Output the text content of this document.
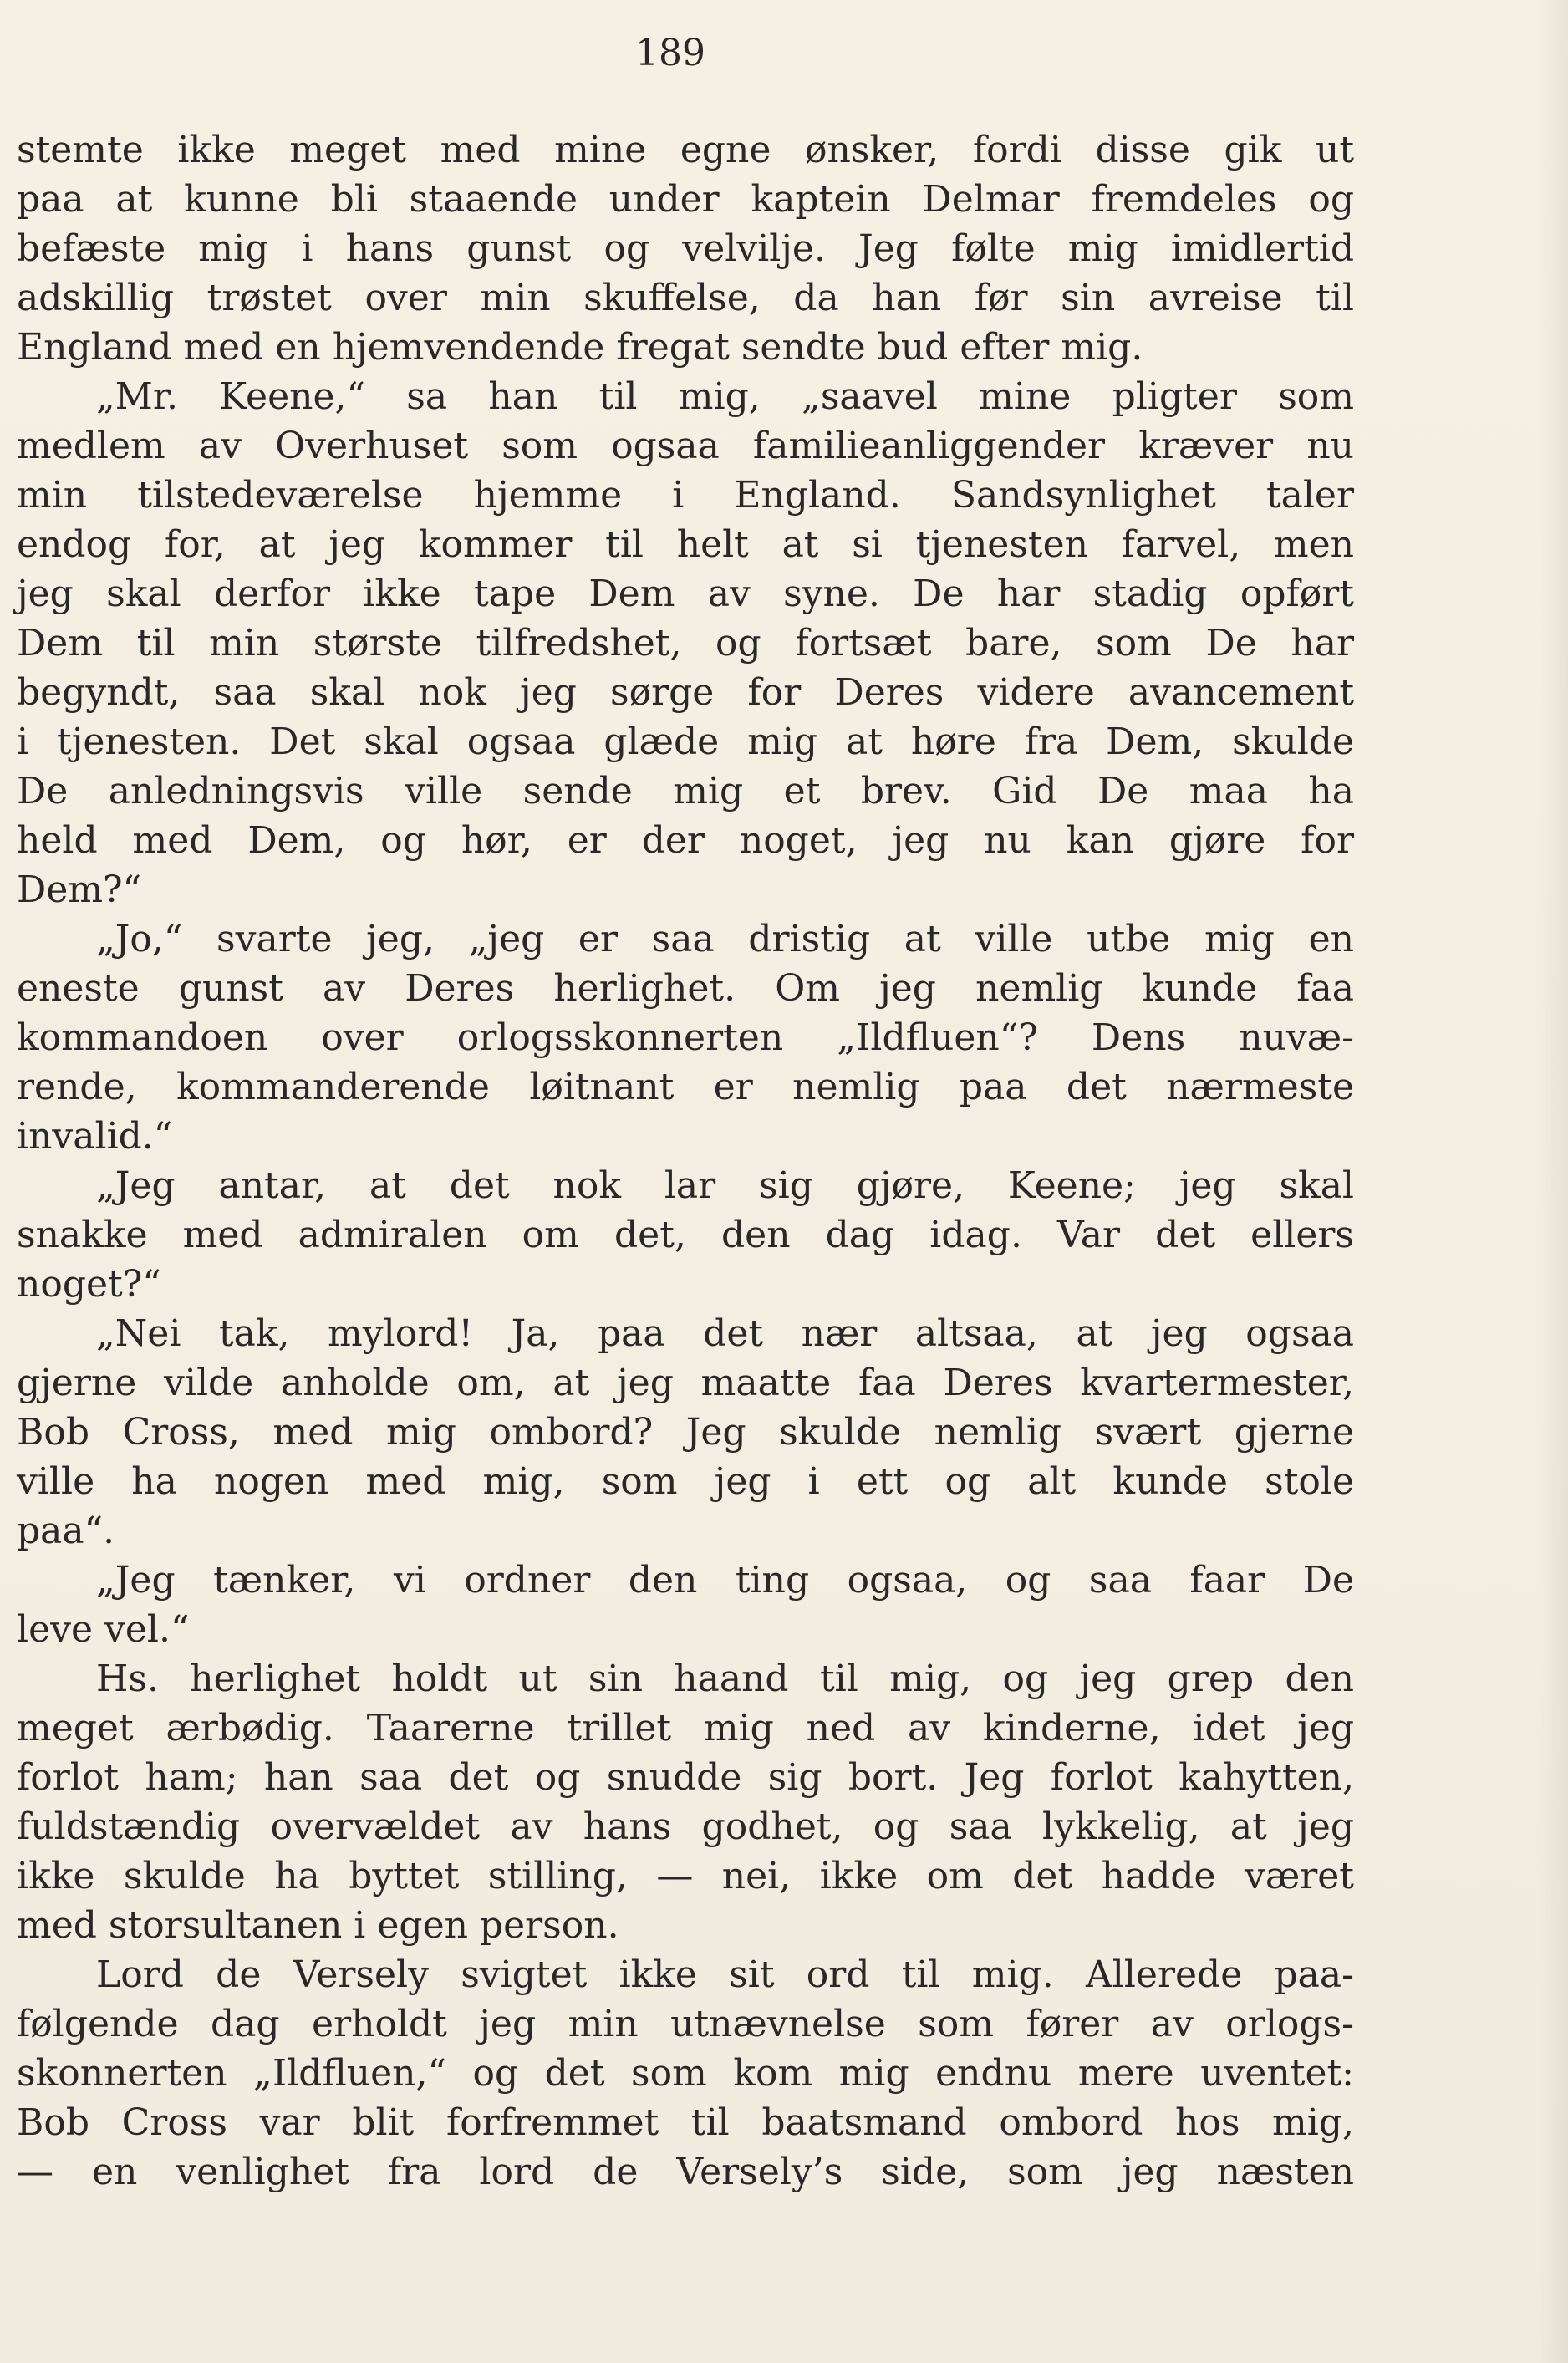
189
stemte ikke meget med mine egne ønsker, fordi disse gik ut
paa at kunne bli staaende under kaptein Delmar fremdeles og
befæste mig i hans gunst og velvilje. Jeg følte mig imidlertid
adskillig trøstet over min skuffelse, da han før sin avreise til
England med en hjemvendende fregat sendte bud efter mig.
„Mr. Keene,“ sa han til mig, „saavel mine pligter som
medlem av Overhuset som ogsaa familieanliggender kræver nu
min tilstedeværelse hjemme i England. Sandsynlighet taler
endog for, at jeg kommer til helt at si tjenesten farvel, men
jeg skal derfor ikke tape Dem av syne. De har stadig opført
Dem til min største tilfredshet, og fortsæt bare, som De har
begyndt, saa skal nok jeg sørge for Deres videre avancement
i tjenesten. Det skal ogsaa glæde mig at høre fra Dem, skulde
De anledningsvis ville sende mig et brev. Gid De maa ha
held med Dem, og hør, er der noget, jeg nu kan gjøre for
Dem?“
„Jo,“ svarte jeg, „jeg er saa dristig at ville utbe mig en
eneste gunst av Deres herlighet. Om jeg nemlig kunde faa
kommandoen over orlogsskonnerten „Ildfluen“? Dens nuvæ-
rende, kommanderende løitnant er nemlig paa det nærmeste
invalid.“
„Jeg antar, at det nok lar sig gjøre, Keene; jeg skal
snakke med admiralen om det, den dag idag. Var det ellers
noget?“
„Nei tak, mylord! Ja, paa det nær altsaa, at jeg ogsaa
gjerne vilde anholde om, at jeg maatte faa Deres kvartermester,
Bob Cross, med mig ombord? Jeg skulde nemlig svært gjerne
ville ha nogen med mig, som jeg i ett og alt kunde stole
paa“.
„Jeg tænker, vi ordner den ting ogsaa, og saa faar De
leve vel.“
Hs. herlighet holdt ut sin haand til mig, og jeg grep den
meget ærbødig. Taarerne trillet mig ned av kinderne, idet jeg
forlot ham; han saa det og snudde sig bort. Jeg forlot kahytten,
fuldstændig overvældet av hans godhet, og saa lykkelig, at jeg
ikke skulde ha byttet stilling, — nei, ikke om det hadde været
med storsultanen i egen person.
Lord de Versely svigtet ikke sit ord til mig. Allerede paa-
følgende dag erholdt jeg min utnævnelse som fører av orlogs-
skonnerten „Ildfluen,“ og det som kom mig endnu mere uventet:
Bob Cross var blit forfremmet til baatsmand ombord hos mig,
— en venlighet fra lord de Versely’s side, som jeg næsten
